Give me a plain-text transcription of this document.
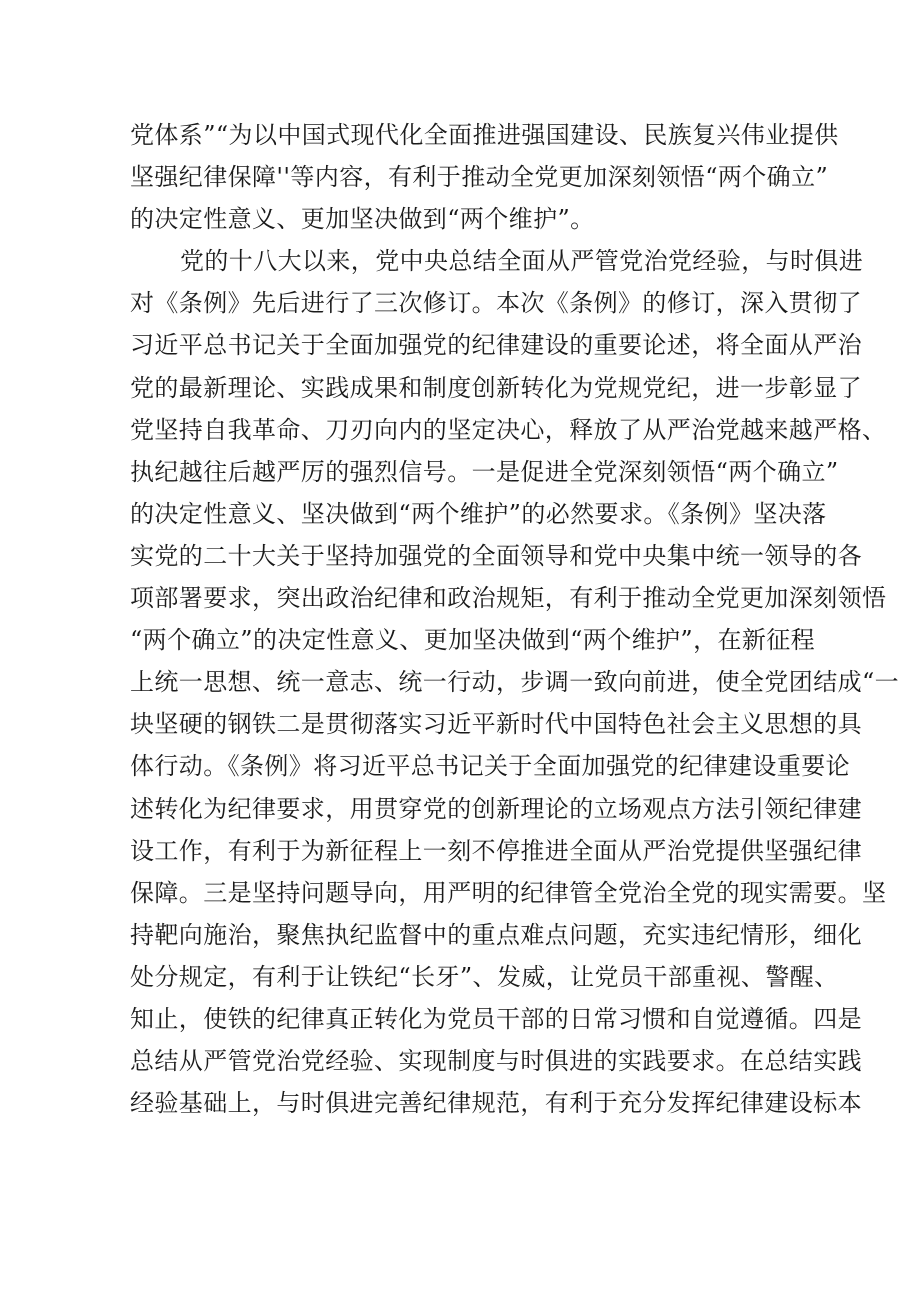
党体系”“为以中国式现代化全面推进强国建设、民族复兴伟业提供
坚强纪律保障''等内容，有利于推动全党更加深刻领悟“两个确立”
的决定性意义、更加坚决做到“两个维护”。
党的十八大以来，党中央总结全面从严管党治党经验，与时俱进
对《条例》先后进行了三次修订。本次《条例》的修订，深入贯彻了
习近平总书记关于全面加强党的纪律建设的重要论述，将全面从严治
党的最新理论、实践成果和制度创新转化为党规党纪，进一步彰显了
党坚持自我革命、刀刃向内的坚定决心，释放了从严治党越来越严格、
执纪越往后越严厉的强烈信号。一是促进全党深刻领悟“两个确立”
的决定性意义、坚决做到“两个维护”的必然要求。《条例》坚决落
实党的二十大关于坚持加强党的全面领导和党中央集中统一领导的各
项部署要求，突出政治纪律和政治规矩，有利于推动全党更加深刻领悟
“两个确立”的决定性意义、更加坚决做到“两个维护”，在新征程
上统一思想、统一意志、统一行动，步调一致向前进，使全党团结成“一
块坚硬的钢铁二是贯彻落实习近平新时代中国特色社会主义思想的具
体行动。《条例》将习近平总书记关于全面加强党的纪律建设重要论
述转化为纪律要求，用贯穿党的创新理论的立场观点方法引领纪律建
设工作，有利于为新征程上一刻不停推进全面从严治党提供坚强纪律
保障。三是坚持问题导向，用严明的纪律管全党治全党的现实需要。坚
持靶向施治，聚焦执纪监督中的重点难点问题，充实违纪情形，细化
处分规定，有利于让铁纪“长牙”、发威，让党员干部重视、警醒、
知止，使铁的纪律真正转化为党员干部的日常习惯和自觉遵循。四是
总结从严管党治党经验、实现制度与时俱进的实践要求。在总结实践
经验基础上，与时俱进完善纪律规范，有利于充分发挥纪律建设标本
